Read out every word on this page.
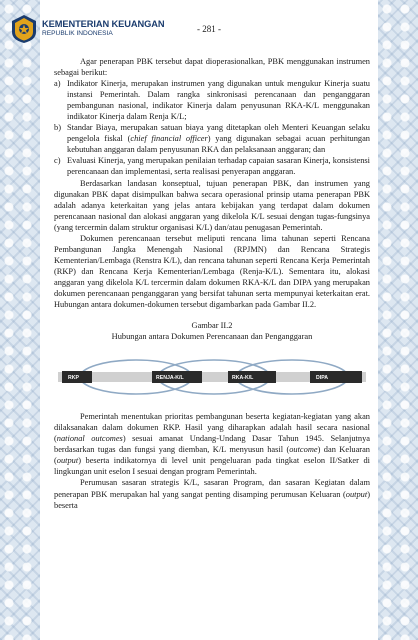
KEMENTERIAN KEUANGAN
REPUBLIK INDONESIA	- 281 -

Agar penerapan PBK tersebut dapat dioperasionalkan, PBK menggunakan instrumen sebagai berikut:

a) Indikator Kinerja, merupakan instrumen yang digunakan untuk mengukur Kinerja suatu instansi Pemerintah. Dalam rangka sinkronisasi perencanaan dan penganggaran pembangunan nasional, indikator Kinerja dalam penyusunan RKA-K/L menggunakan indikator Kinerja dalam Renja K/L;
b) Standar Biaya, merupakan satuan biaya yang ditetapkan oleh Menteri Keuangan selaku pengelola fiskal (chief financial officer) yang digunakan sebagai acuan perhitungan kebutuhan anggaran dalam penyusunan RKA dan pelaksanaan anggaran; dan
c) Evaluasi Kinerja, yang merupakan penilaian terhadap capaian sasaran Kinerja, konsistensi perencanaan dan implementasi, serta realisasi penyerapan anggaran.

Berdasarkan landasan konseptual, tujuan penerapan PBK, dan instrumen yang digunakan PBK dapat disimpulkan bahwa secara operasional prinsip utama penerapan PBK adalah adanya keterkaitan yang jelas antara kebijakan yang terdapat dalam dokumen perencanaan nasional dan alokasi anggaran yang dikelola K/L sesuai dengan tugas-fungsinya (yang tercermin dalam struktur organisasi K/L) dan/atau penugasan Pemerintah.

Dokumen perencanaan tersebut meliputi rencana lima tahunan seperti Rencana Pembangunan Jangka Menengah Nasional (RPJMN) dan Rencana Strategis Kementerian/Lembaga (Renstra K/L), dan rencana tahunan seperti Rencana Kerja Pemerintah (RKP) dan Rencana Kerja Kementerian/Lembaga (Renja-K/L). Sementara itu, alokasi anggaran yang dikelola K/L tercermin dalam dokumen RKA-K/L dan DIPA yang merupakan dokumen perencanaan penganggaran yang bersifat tahunan serta mempunyai keterkaitan erat. Hubungan antara dokumen-dokumen tersebut digambarkan pada Gambar II.2.

Gambar II.2
Hubungan antara Dokumen Perencanaan dan Penganggaran
RKP	RENJA-K/L	RKA-K/L	DIPA

Pemerintah menentukan prioritas pembangunan beserta kegiatan-kegiatan yang akan dilaksanakan dalam dokumen RKP. Hasil yang diharapkan adalah hasil secara nasional (national outcomes) sesuai amanat Undang-Undang Dasar Tahun 1945. Selanjutnya berdasarkan tugas dan fungsi yang diemban, K/L menyusun hasil (outcome) dan Keluaran (output) beserta indikatornya di level unit pengeluaran pada tingkat eselon II/Satker di lingkungan unit eselon I sesuai dengan program Pemerintah.

Perumusan sasaran strategis K/L, sasaran Program, dan sasaran Kegiatan dalam penerapan PBK merupakan hal yang sangat penting disamping perumusan Keluaran (output) beserta
